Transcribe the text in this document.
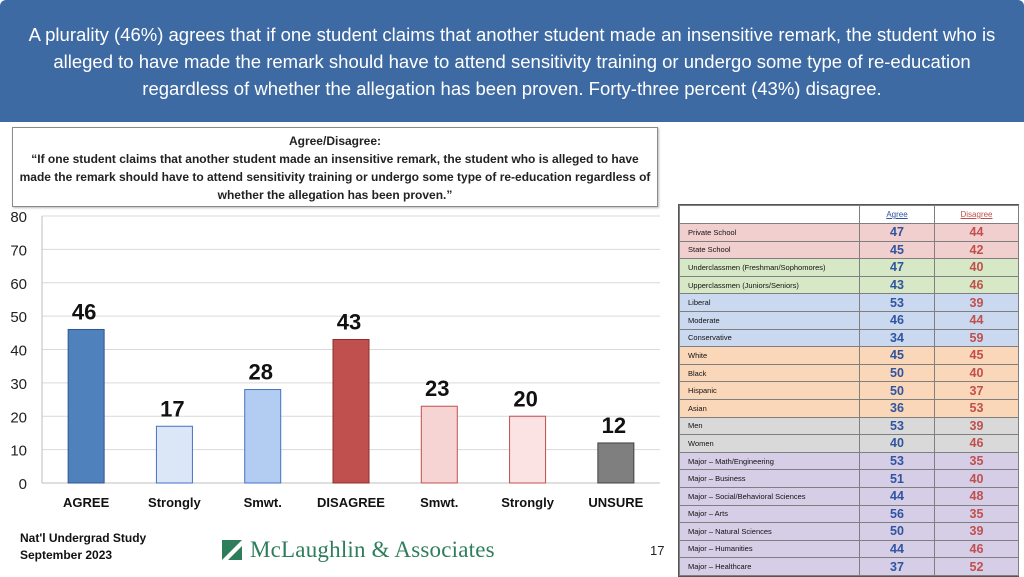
A plurality (46%) agrees that if one student claims that another student made an insensitive remark, the student who is alleged to have made the remark should have to attend sensitivity training or undergo some type of re-education regardless of whether the allegation has been proven. Forty-three percent (43%) disagree.
Agree/Disagree:
“If one student claims that another student made an insensitive remark, the student who is alleged to have made the remark should have to attend sensitivity training or undergo some type of re-education regardless of whether the allegation has been proven.”
0
10
20
30
40
50
60
70
80
46
AGREE
17
Strongly
28
Smwt.
43
DISAGREE
23
Smwt.
20
Strongly
12
UNSURE
	Agree	Disagree
Private School	47	44
State School	45	42
Underclassmen (Freshman/Sophomores)	47	40
Upperclassmen (Juniors/Seniors)	43	46
Liberal	53	39
Moderate	46	44
Conservative	34	59
White	45	45
Black	50	40
Hispanic	50	37
Asian	36	53
Men	53	39
Women	40	46
Major – Math/Engineering	53	35
Major – Business	51	40
Major – Social/Behavioral Sciences	44	48
Major – Arts	56	35
Major – Natural Sciences	50	39
Major – Humanities	44	46
Major – Healthcare	37	52
Nat'l Undergrad Study
September 2023	McLaughlin & Associates	17
